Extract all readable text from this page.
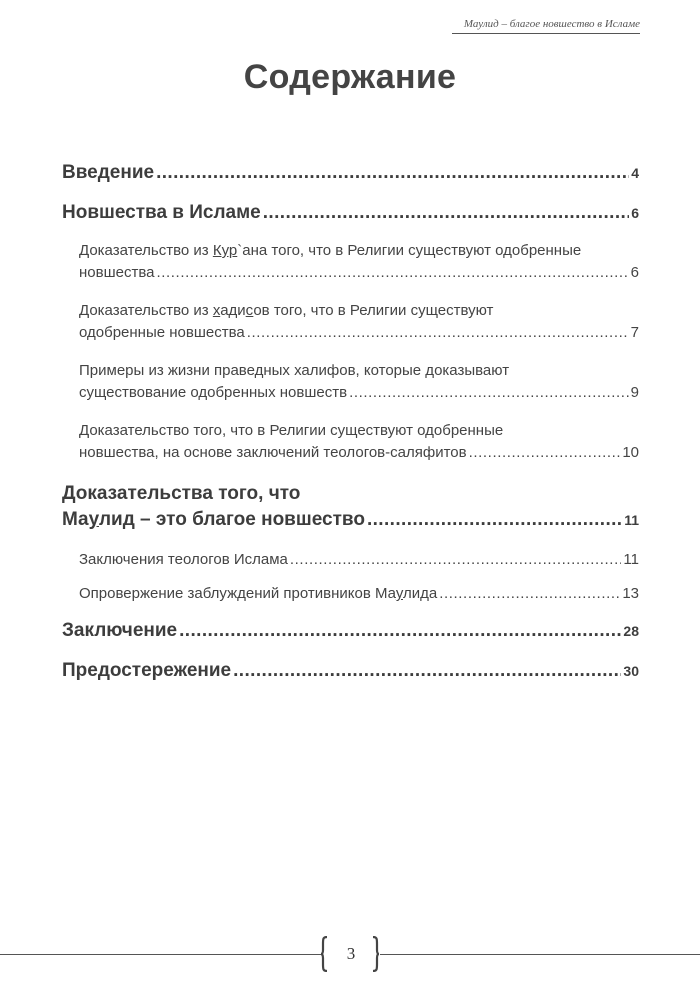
Маулид – благое новшество в Исламе
Содержание
Введение .....	4
Новшества в Исламе .....	6
Доказательство из Кур`ана того, что в Религии существуют одобренные
новшества .....	6
Доказательство из хадисов того, что в Религии существуют
одобренные новшества .....	7
Примеры из жизни праведных халифов, которые доказывают
существование одобренных новшеств .....	9
Доказательство того, что в Религии существуют одобренные
новшества, на основе заключений теологов-саляфитов .....	10
Доказательства того, что
Маулид – это благое новшество .....	11
Заключения теологов Ислама .....	11
Опровержение заблуждений противников Маулида .....	13
Заключение .....	28
Предостережение .....	30
3
